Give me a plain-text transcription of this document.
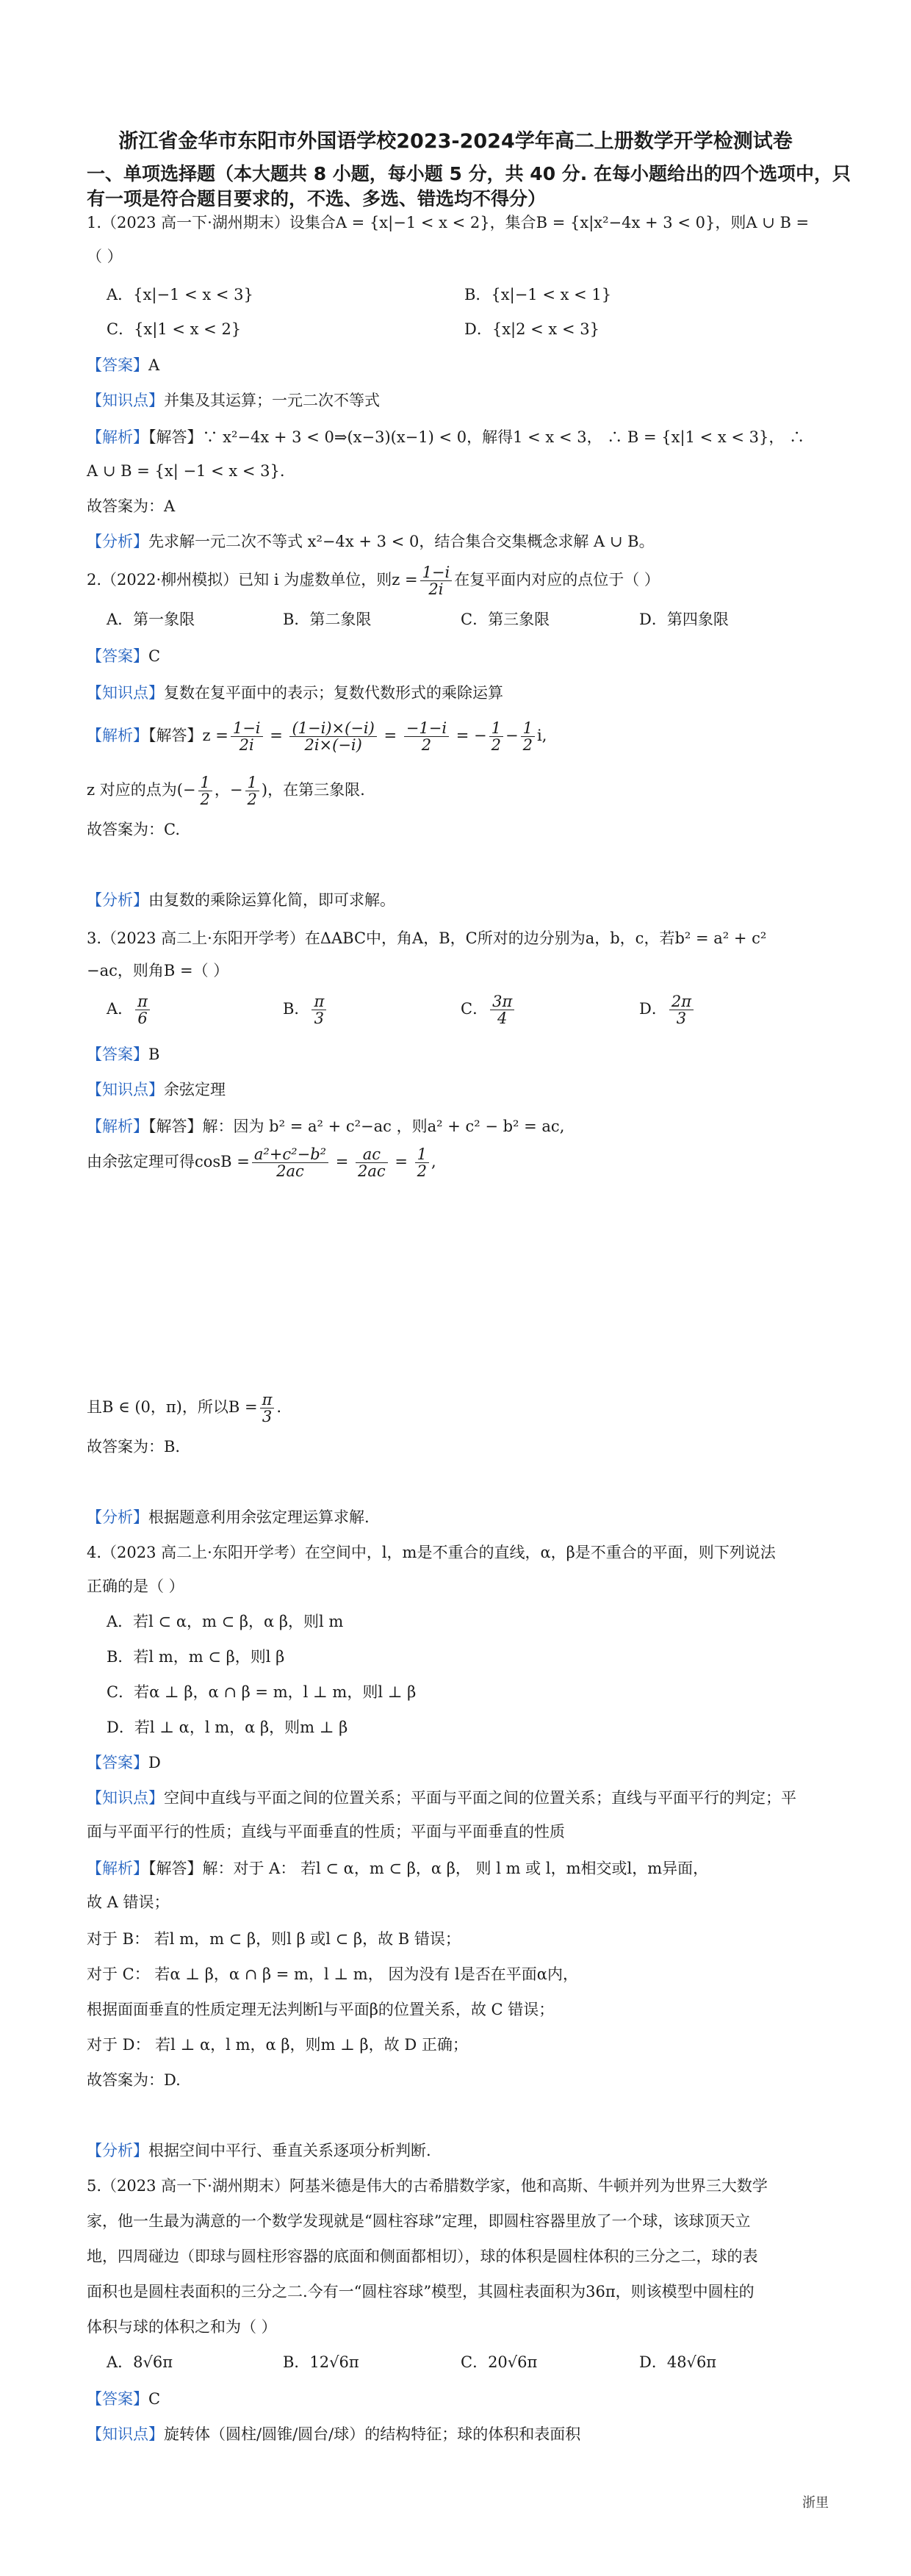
浙江省金华市东阳市外国语学校2023-2024学年高二上册数学开学检测试卷
一、单项选择题（本大题共 8 小题，每小题 5 分，共 40 分. 在每小题给出的四个选项中，只
有一项是符合题目要求的，不选、多选、错选均不得分）
1.（2023 高一下·湖州期末）设集合A = {x|−1 < x < 2}，集合B = {x|x²−4x + 3 < 0}，则A ∪ B =
（ ）
A．{x|−1 < x < 3}	B．{x|−1 < x < 1}
C．{x|1 < x < 2}	D．{x|2 < x < 3}
【答案】A
【知识点】并集及其运算；一元二次不等式
【解析】【解答】∵ x²−4x + 3 < 0⇒(x−3)(x−1) < 0，解得1 < x < 3， ∴ B = {x|1 < x < 3}， ∴
A ∪ B = {x| −1 < x < 3}.
故答案为：A
【分析】先求解一元二次不等式 x²−4x + 3 < 0，结合集合交集概念求解 A ∪ B。
2.（2022·柳州模拟）已知 i 为虚数单位，则$z = \frac{1-i}{2i}$ 在复平面内对应的点位于（ ）
A．第一象限	B．第二象限	C．第三象限	D．第四象限
【答案】C
【知识点】复数在复平面中的表示；复数代数形式的乘除运算
【解析】【解答】$z = \frac{1-i}{2i} = \frac{(1-i)\times(-i)}{2i\times(-i)} = \frac{-1-i}{2}$ = − $\frac{1}{2} - \frac{1}{2} i$,
z 对应的点为(− $\frac{1}{2}$ ，− $\frac{1}{2}$ )，在第三象限.
故答案为：C.
【分析】由复数的乘除运算化简，即可求解。
3.（2023 高二上·东阳开学考）在ΔABC中，角A，B，C所对的边分别为a，b，c，若b² = a² + c²
−ac，则角B =（ ）
A． $\frac{\pi}{6}$	B． $\frac{\pi}{3}$	C． $\frac{3\pi}{4}$	D． $\frac{2\pi}{3}$
【答案】B
【知识点】余弦定理
【解析】【解答】解：因为 b² = a² + c²−ac ，则a² + c² − b² = ac,
由余弦定理可得$\cos B = \frac{\text{a²+c²−b²}}{2ac} = \frac{ac}{2ac} = \frac{1}{2}$ ,
且B ∈ (0，π)，所以$B = \frac{\pi}{3}$ .
故答案为：B.
【分析】根据题意利用余弦定理运算求解.
4.（2023 高二上·东阳开学考）在空间中，l，m是不重合的直线，α，β是不重合的平面，则下列说法
正确的是（ ）
A．若l ⊂ α，m ⊂ β，α β，则l m
B．若l m，m ⊂ β，则l β
C．若α ⊥ β，α ∩ β = m，l ⊥ m，则l ⊥ β
D．若l ⊥ α，l m，α β，则m ⊥ β
【答案】D
【知识点】空间中直线与平面之间的位置关系；平面与平面之间的位置关系；直线与平面平行的判定；平
面与平面平行的性质；直线与平面垂直的性质；平面与平面垂直的性质
【解析】【解答】解：对于 A： 若l ⊂ α，m ⊂ β，α β， 则 l m 或 l，m相交或l，m异面，
故 A 错误；
对于 B： 若l m，m ⊂ β，则l β 或l ⊂ β，故 B 错误；
对于 C： 若α ⊥ β，α ∩ β = m，l ⊥ m， 因为没有 l是否在平面α内，
根据面面垂直的性质定理无法判断l与平面β的位置关系，故 C 错误；
对于 D： 若l ⊥ α，l m，α β，则m ⊥ β，故 D 正确；
故答案为：D.
【分析】根据空间中平行、垂直关系逐项分析判断.
5.（2023 高一下·湖州期末）阿基米德是伟大的古希腊数学家，他和高斯、牛顿并列为世界三大数学
家，他一生最为满意的一个数学发现就是“圆柱容球”定理，即圆柱容器里放了一个球，该球顶天立
地，四周碰边（即球与圆柱形容器的底面和侧面都相切），球的体积是圆柱体积的三分之二，球的表
面积也是圆柱表面积的三分之二.今有一“圆柱容球”模型，其圆柱表面积为36π，则该模型中圆柱的
体积与球的体积之和为（ ）
A．8√6π	B．12√6π	C．20√6π	D．48√6π
【答案】C
【知识点】旋转体（圆柱/圆锥/圆台/球）的结构特征；球的体积和表面积
浙里
